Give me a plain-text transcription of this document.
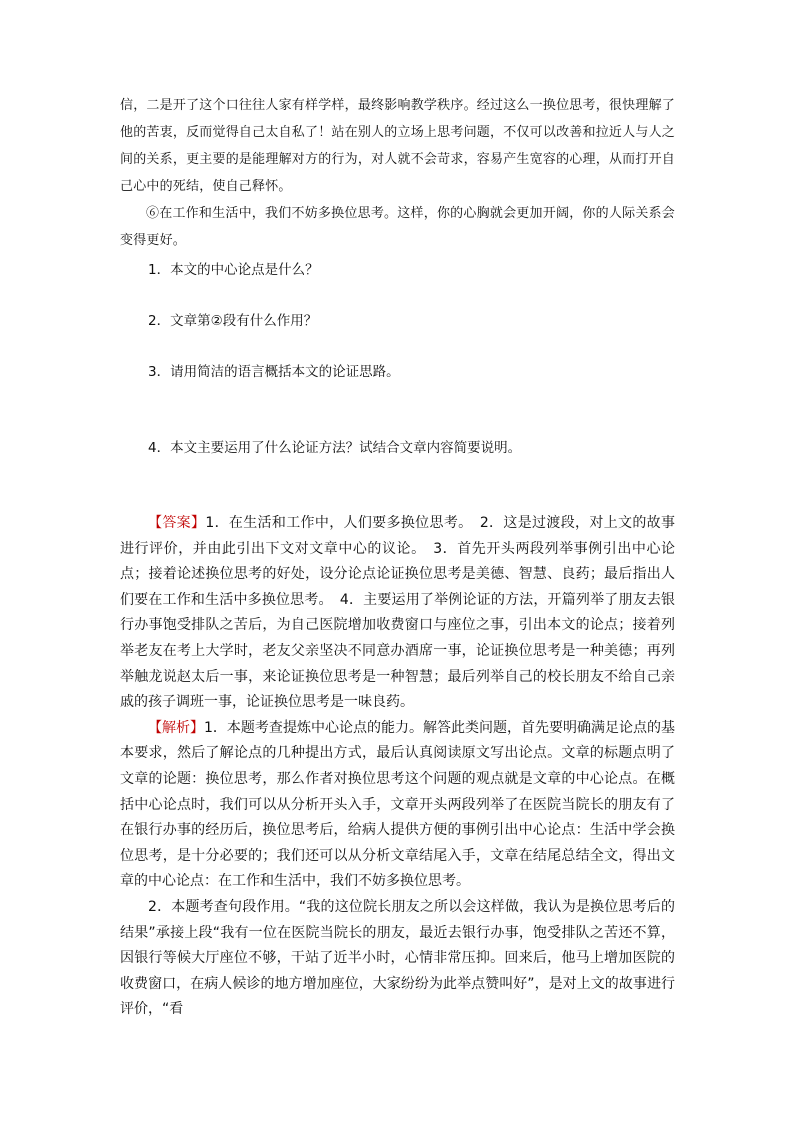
信，二是开了这个口往往人家有样学样，最终影响教学秩序。经过这么一换位思考，很快理解了他的苦衷，反而觉得自己太自私了！站在别人的立场上思考问题，不仅可以改善和拉近人与人之间的关系，更主要的是能理解对方的行为，对人就不会苛求，容易产生宽容的心理，从而打开自己心中的死结，使自己释怀。

⑥在工作和生活中，我们不妨多换位思考。这样，你的心胸就会更加开阔，你的人际关系会变得更好。

1．本文的中心论点是什么？
2．文章第②段有什么作用？
3．请用简洁的语言概括本文的论证思路。
4．本文主要运用了什么论证方法？试结合文章内容简要说明。

【答案】1．在生活和工作中，人们要多换位思考。　2．这是过渡段，对上文的故事进行评价，并由此引出下文对文章中心的议论。　3．首先开头两段列举事例引出中心论点；接着论述换位思考的好处，设分论点论证换位思考是美德、智慧、良药；最后指出人们要在工作和生活中多换位思考。　4．主要运用了举例论证的方法，开篇列举了朋友去银行办事饱受排队之苦后，为自己医院增加收费窗口与座位之事，引出本文的论点；接着列举老友在考上大学时，老友父亲坚决不同意办酒席一事，论证换位思考是一种美德；再列举触龙说赵太后一事，来论证换位思考是一种智慧；最后列举自己的校长朋友不给自己亲戚的孩子调班一事，论证换位思考是一味良药。

【解析】1．本题考查提炼中心论点的能力。解答此类问题，首先要明确满足论点的基本要求，然后了解论点的几种提出方式，最后认真阅读原文写出论点。文章的标题点明了文章的论题：换位思考，那么作者对换位思考这个问题的观点就是文章的中心论点。在概括中心论点时，我们可以从分析开头入手，文章开头两段列举了在医院当院长的朋友有了在银行办事的经历后，换位思考后，给病人提供方便的事例引出中心论点：生活中学会换位思考，是十分必要的；我们还可以从分析文章结尾入手，文章在结尾总结全文，得出文章的中心论点：在工作和生活中，我们不妨多换位思考。

2．本题考查句段作用。“我的这位院长朋友之所以会这样做，我认为是换位思考后的结果”承接上段“我有一位在医院当院长的朋友，最近去银行办事，饱受排队之苦还不算，因银行等候大厅座位不够，干站了近半小时，心情非常压抑。回来后，他马上增加医院的收费窗口，在病人候诊的地方增加座位，大家纷纷为此举点赞叫好”，是对上文的故事进行评价，“看
